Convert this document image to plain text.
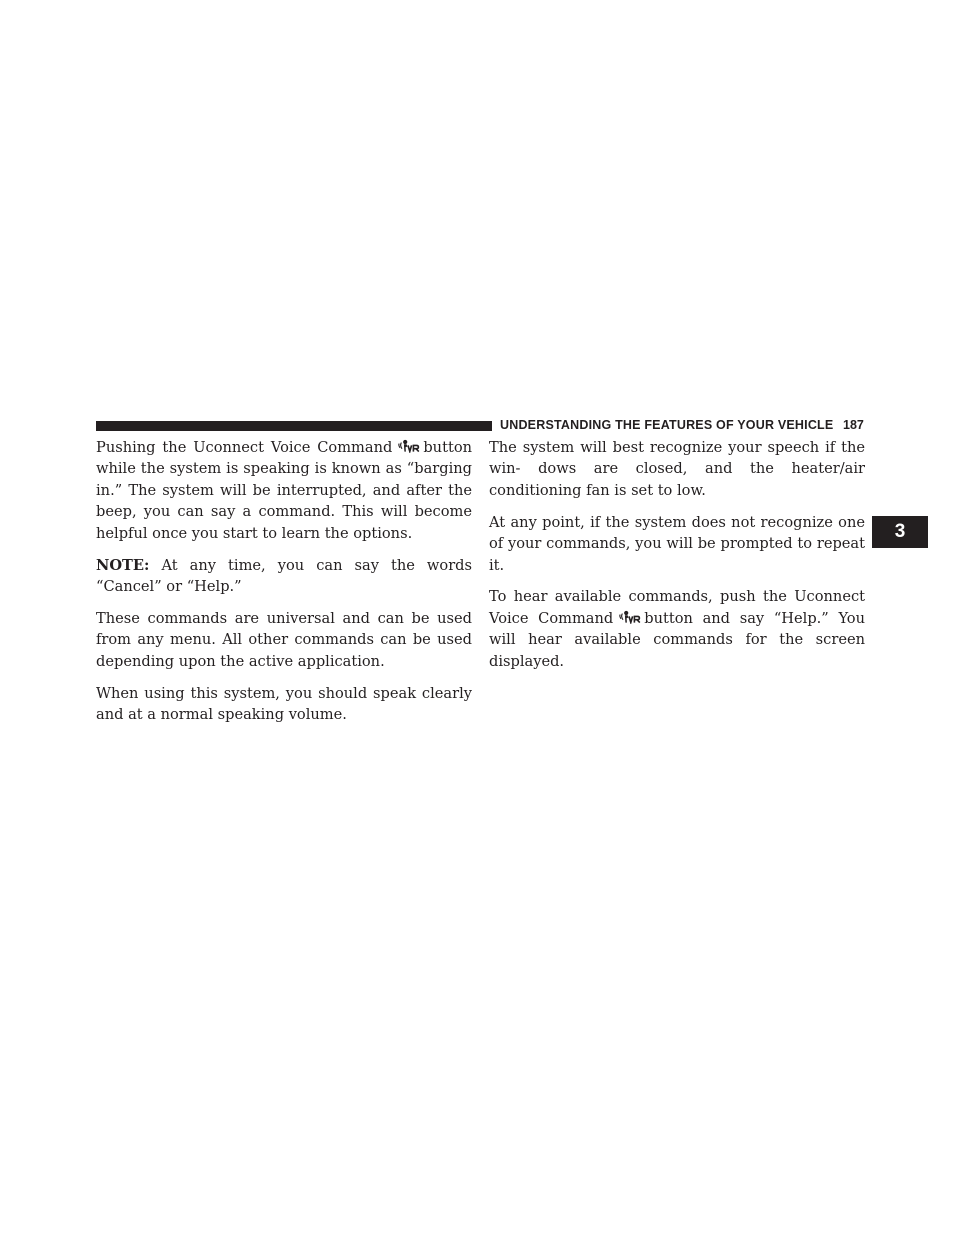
UNDERSTANDING THE FEATURES OF YOUR VEHICLE 187
3

Pushing the Uconnect Voice Command button while the system is speaking is known as “barging in.” The system will be interrupted, and after the beep, you can say a command. This will become helpful once you start to learn the options.

NOTE: At any time, you can say the words “Cancel” or “Help.”

These commands are universal and can be used from any menu. All other commands can be used depending upon the active application.

When using this system, you should speak clearly and at a normal speaking volume.

The system will best recognize your speech if the win- dows are closed, and the heater/air conditioning fan is set to low.

At any point, if the system does not recognize one of your commands, you will be prompted to repeat it.

To hear available commands, push the Uconnect Voice Command button and say “Help.” You will hear available commands for the screen displayed.
